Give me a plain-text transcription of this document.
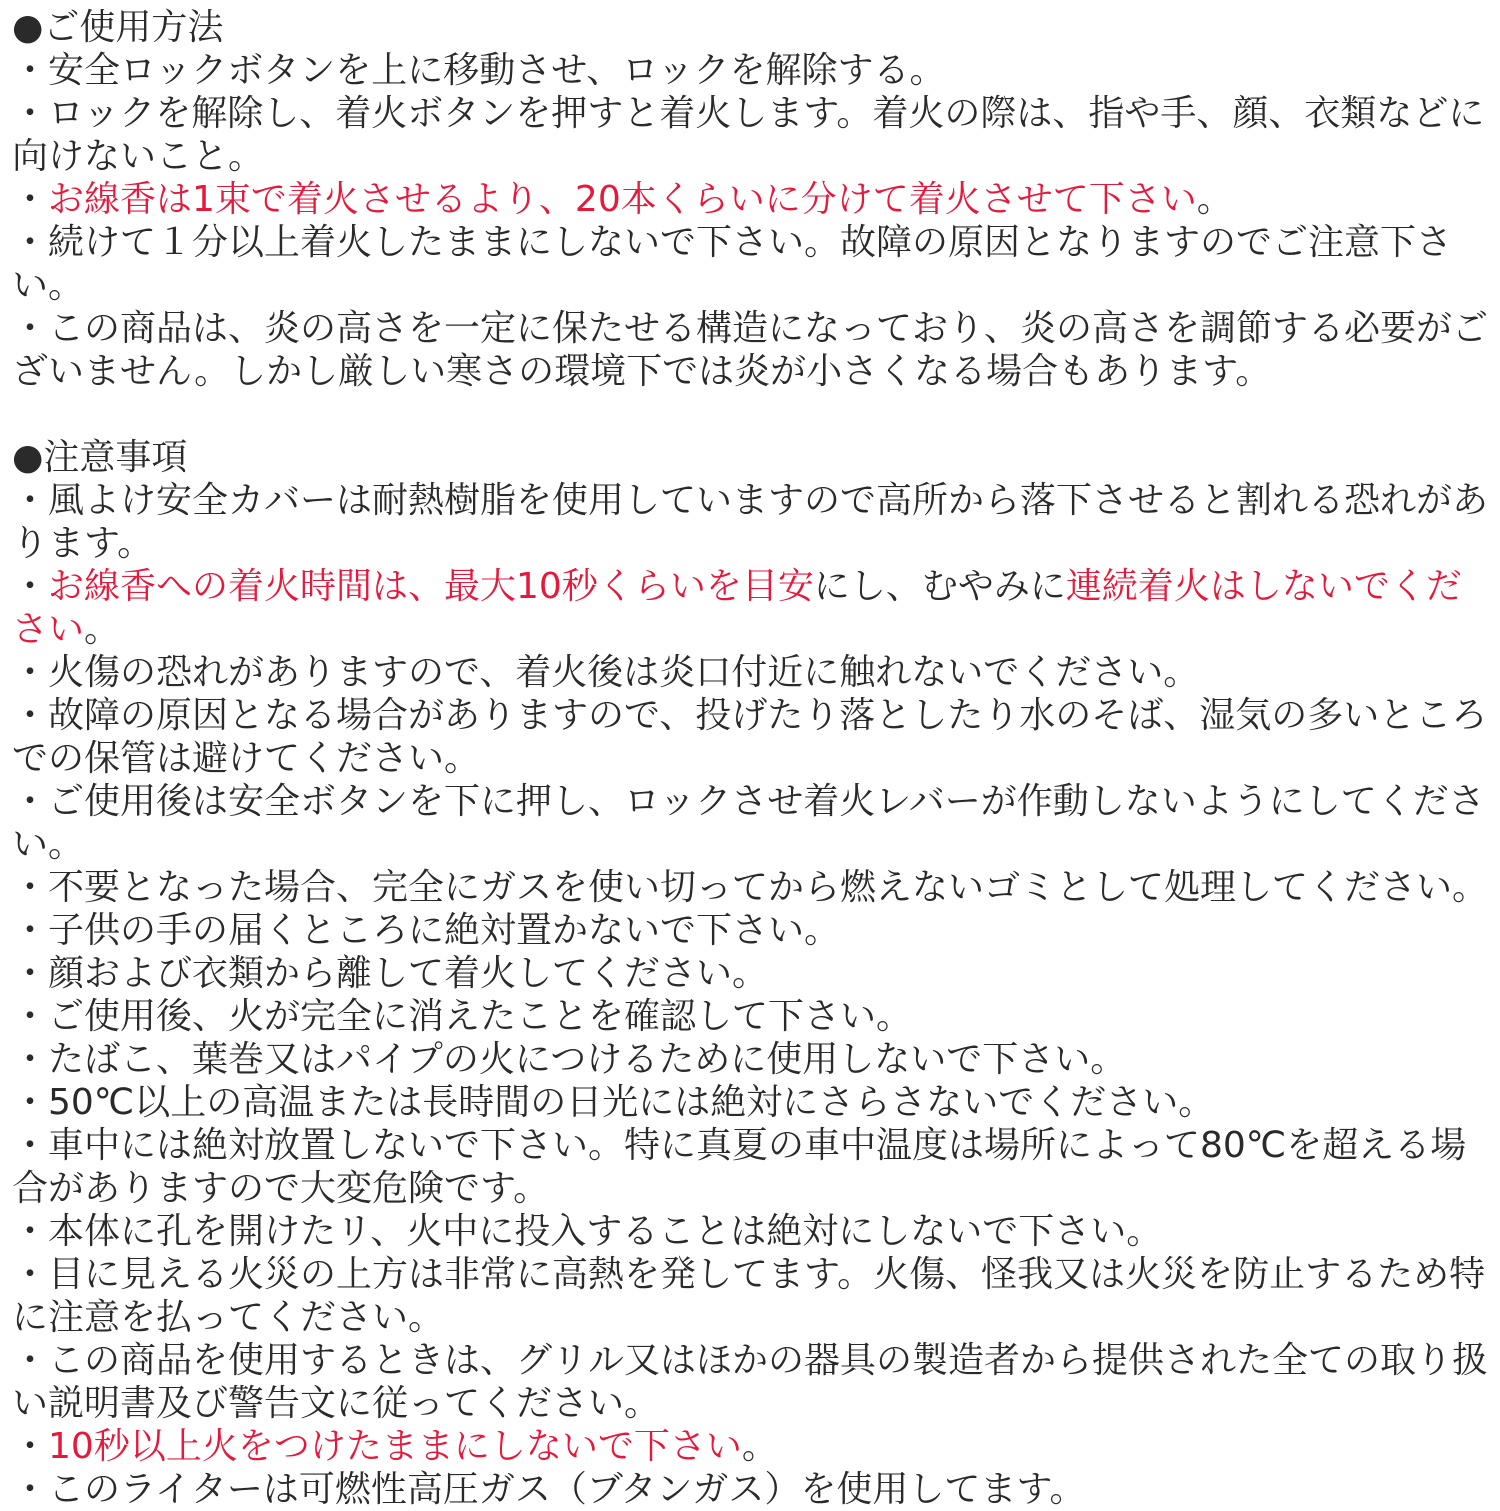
●ご使用方法

・安全ロックボタンを上に移動させ、ロックを解除する。

・ロックを解除し、着火ボタンを押すと着火します。着火の際は、指や手、顔、衣類などに向けないこと。

・お線香は1束で着火させるより、20本くらいに分けて着火させて下さい。

・続けて１分以上着火したままにしないで下さい。故障の原因となりますのでご注意下さい。

・この商品は、炎の高さを一定に保たせる構造になっており、炎の高さを調節する必要がございません。しかし厳しい寒さの環境下では炎が小さくなる場合もあります。

●注意事項

・風よけ安全カバーは耐熱樹脂を使用していますので高所から落下させると割れる恐れがあります。

・お線香への着火時間は、最大10秒くらいを目安にし、むやみに連続着火はしないでください。

・火傷の恐れがありますので、着火後は炎口付近に触れないでください。

・故障の原因となる場合がありますので、投げたり落としたり水のそば、湿気の多いところでの保管は避けてください。

・ご使用後は安全ボタンを下に押し、ロックさせ着火レバーが作動しないようにしてください。

・不要となった場合、完全にガスを使い切ってから燃えないゴミとして処理してください。

・子供の手の届くところに絶対置かないで下さい。

・顔および衣類から離して着火してください。

・ご使用後、火が完全に消えたことを確認して下さい。

・たばこ、葉巻又はパイプの火につけるために使用しないで下さい。

・50℃以上の高温または長時間の日光には絶対にさらさないでください。

・車中には絶対放置しないで下さい。特に真夏の車中温度は場所によって80℃を超える場合がありますので大変危険です。

・本体に孔を開けたリ、火中に投入することは絶対にしないで下さい。

・目に見える火災の上方は非常に高熱を発してます。火傷、怪我又は火災を防止するため特に注意を払ってください。

・この商品を使用するときは、グリル又はほかの器具の製造者から提供された全ての取り扱い説明書及び警告文に従ってください。

・10秒以上火をつけたままにしないで下さい。

・このライターは可燃性高圧ガス（ブタンガス）を使用してます。
